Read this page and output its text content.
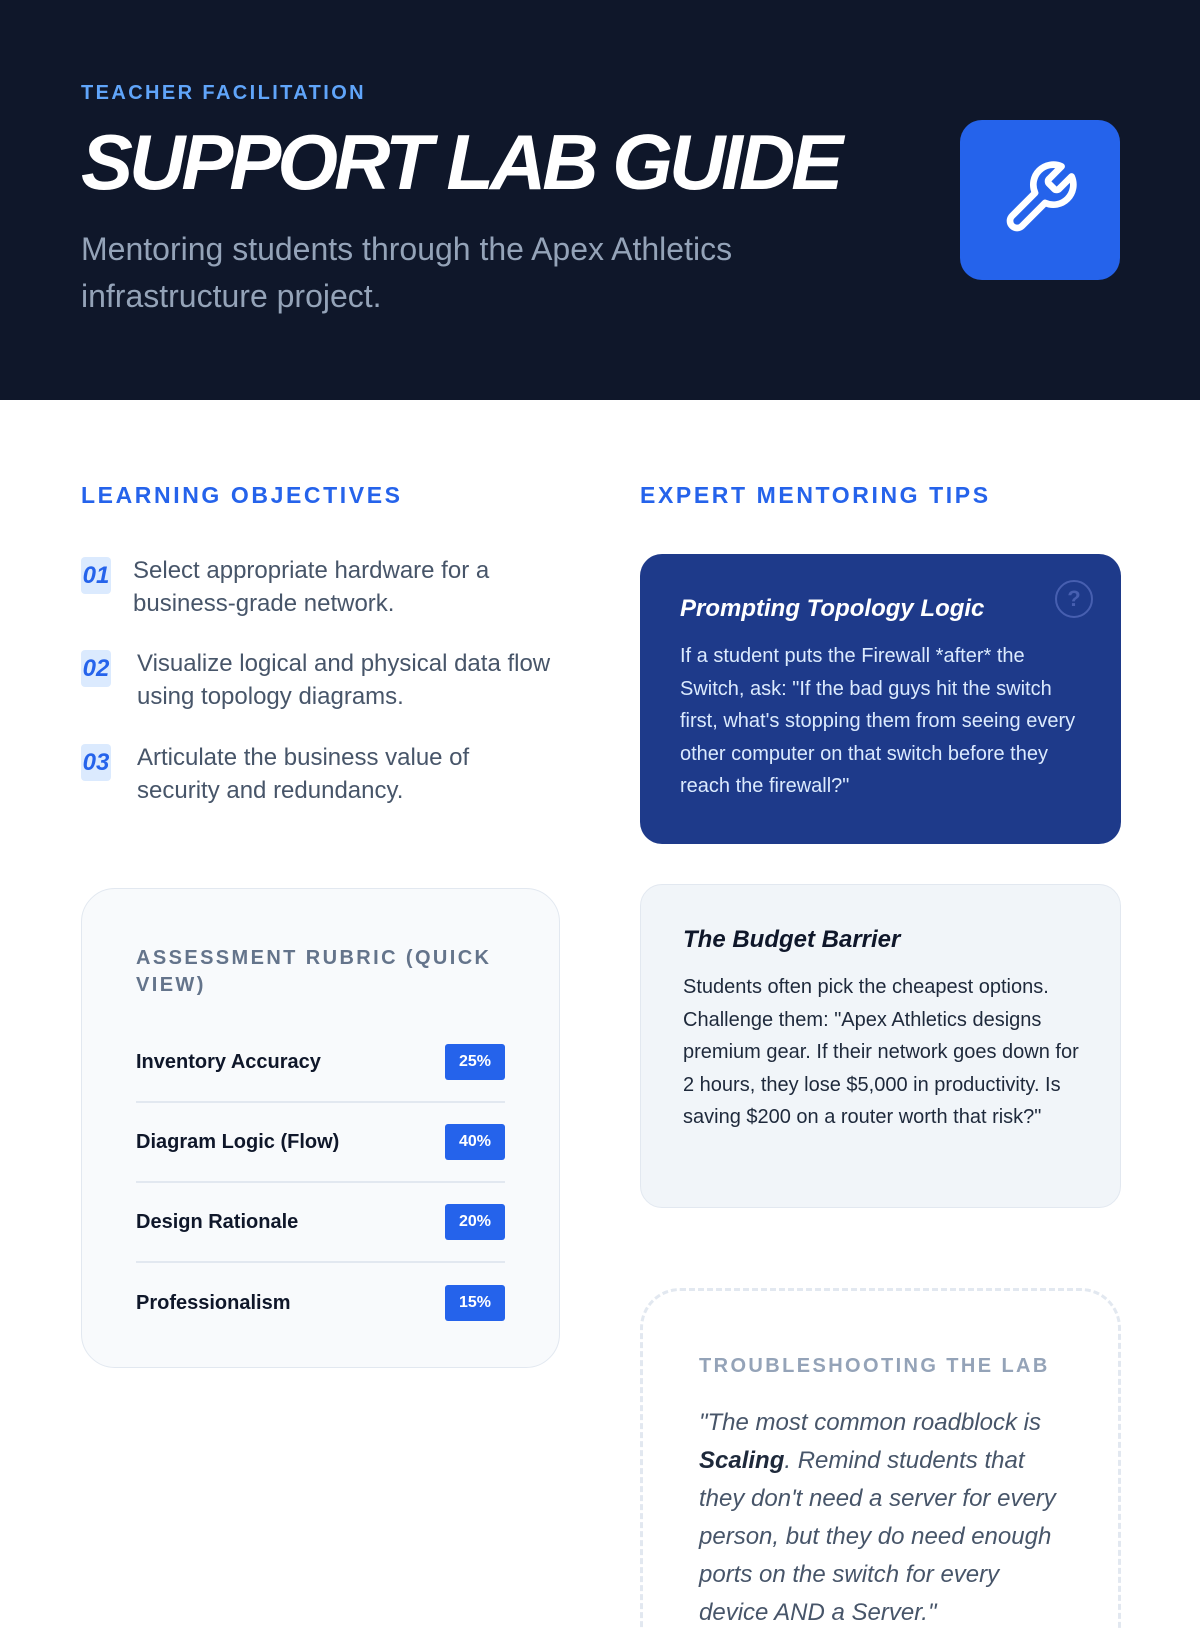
TEACHER FACILITATION
SUPPORT LAB GUIDE

Mentoring students through the Apex Athletics infrastructure project.

LEARNING OBJECTIVES	EXPERT MENTORING TIPS
01 Select appropriate hardware for a business-grade network.
02 Visualize logical and physical data flow using topology diagrams.
03 Articulate the business value of security and redundancy.
ASSESSMENT RUBRIC (QUICK VIEW)
Inventory Accuracy	25%
Diagram Logic (Flow)	40%
Design Rationale	20%
Professionalism	15%
?
Prompting Topology Logic

If a student puts the Firewall *after* the Switch, ask: "If the bad guys hit the switch first, what's stopping them from seeing every other computer on that switch before they reach the firewall?"

The Budget Barrier

Students often pick the cheapest options. Challenge them: "Apex Athletics designs premium gear. If their network goes down for 2 hours, they lose $5,000 in productivity. Is saving $200 on a router worth that risk?"

TROUBLESHOOTING THE LAB

"The most common roadblock is Scaling. Remind students that they don't need a server for every person, but they do need enough ports on the switch for every device AND a Server."
